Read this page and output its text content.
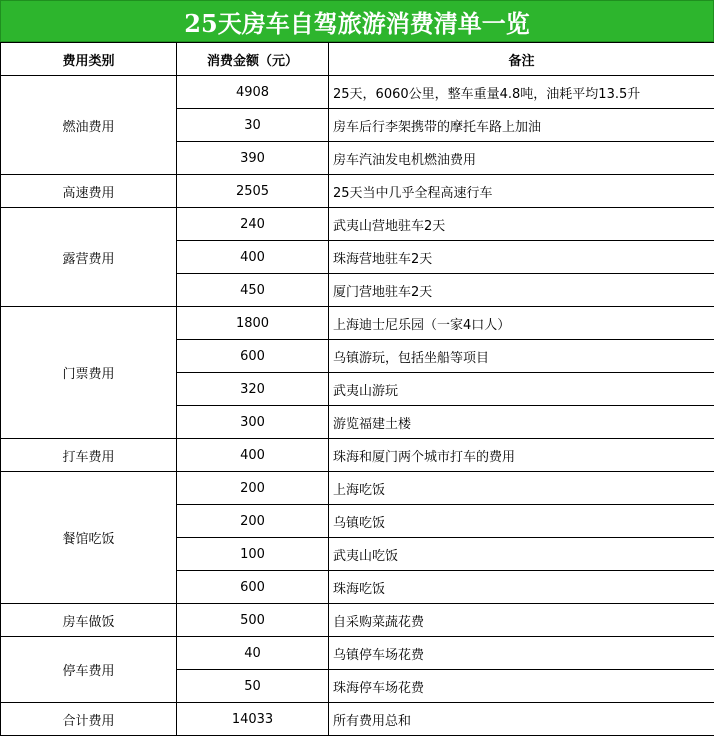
25天房车自驾旅游消费清单一览
费用类别	消费金额（元）	备注
燃油费用	4908	25天，6060公里，整车重量4.8吨，油耗平均13.5升
	30	房车后行李架携带的摩托车路上加油
	390	房车汽油发电机燃油费用
高速费用	2505	25天当中几乎全程高速行车
露营费用	240	武夷山营地驻车2天
	400	珠海营地驻车2天
	450	厦门营地驻车2天
门票费用	1800	上海迪士尼乐园（一家4口人）
	600	乌镇游玩，包括坐船等项目
	320	武夷山游玩
	300	游览福建土楼
打车费用	400	珠海和厦门两个城市打车的费用
餐馆吃饭	200	上海吃饭
	200	乌镇吃饭
	100	武夷山吃饭
	600	珠海吃饭
房车做饭	500	自采购菜蔬花费
停车费用	40	乌镇停车场花费
	50	珠海停车场花费
合计费用	14033	所有费用总和
